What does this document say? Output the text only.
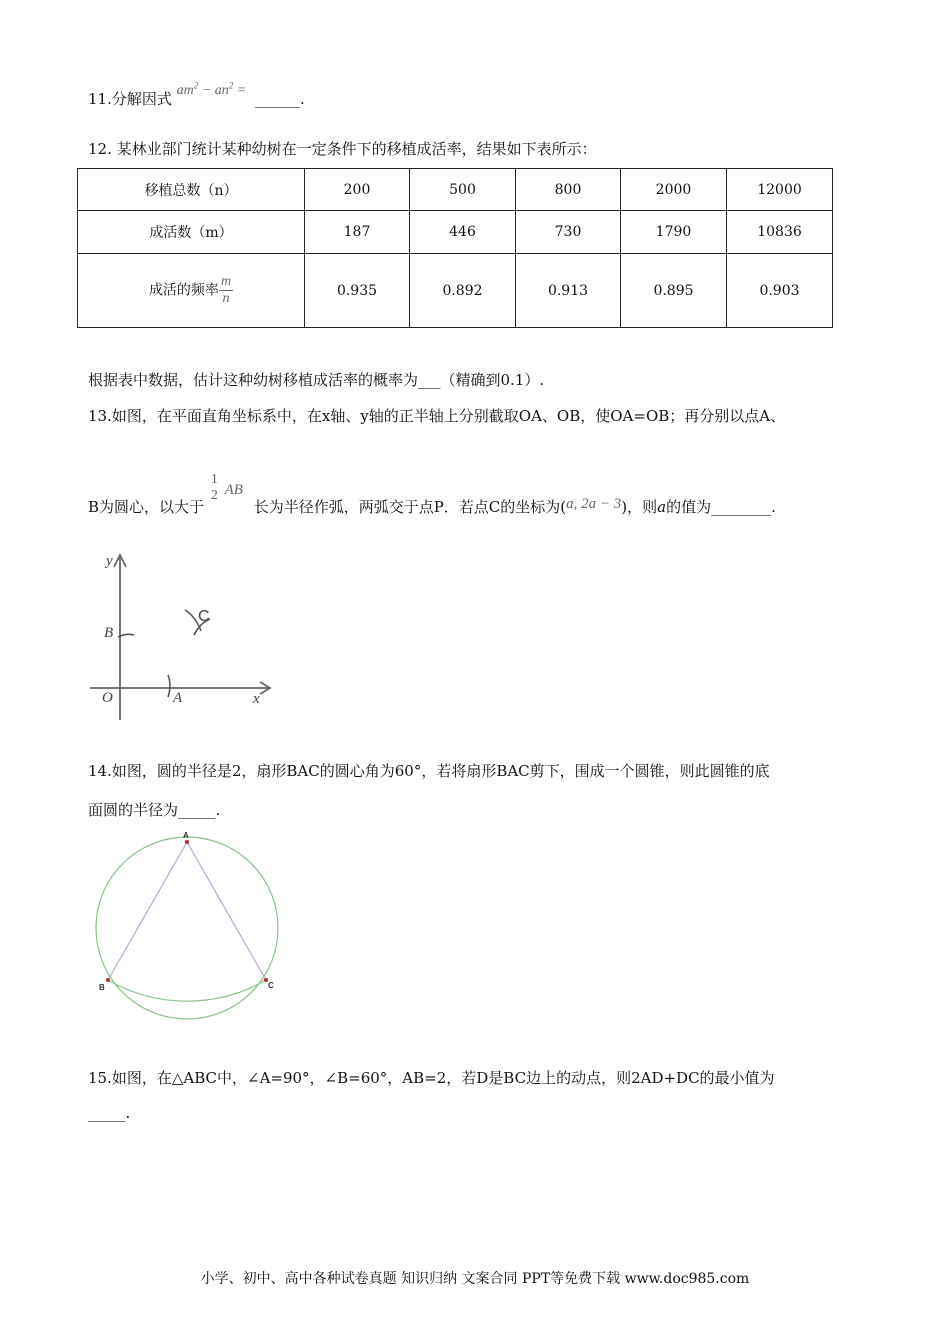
11.分解因式 $am^2 - an^2$ = ______.
12. 某林业部门统计某种幼树在一定条件下的移植成活率，结果如下表所示：
移植总数（n）	200	500	800	2000	12000
成活数（m）	187	446	730	1790	10836
成活的频率 $\frac{m}{n}$	0.935	0.892	0.913	0.895	0.903
根据表中数据，估计这种幼树移植成活率的概率为___（精确到0.1）.
13.如图，在平面直角坐标系中，在x轴、y轴的正半轴上分别截取OA、OB，使OA=OB；再分别以点A、
B为圆心，以大于
1
2 AB 长为半径作弧，两弧交于点P．若点C的坐标为(a, 2a − 3)，则a的值为________.
y
x
O
B
A
C
14.如图，圆的半径是2，扇形BAC的圆心角为60°，若将扇形BAC剪下，围成一个圆锥，则此圆锥的底
面圆的半径为_____.
A
B	C
15.如图，在△ABC中，∠A=90°，∠B=60°，AB=2，若D是BC边上的动点，则2AD+DC的最小值为
_____.
小学、初中、高中各种试卷真题 知识归纳 文案合同 PPT等免费下载 www.doc985.com
